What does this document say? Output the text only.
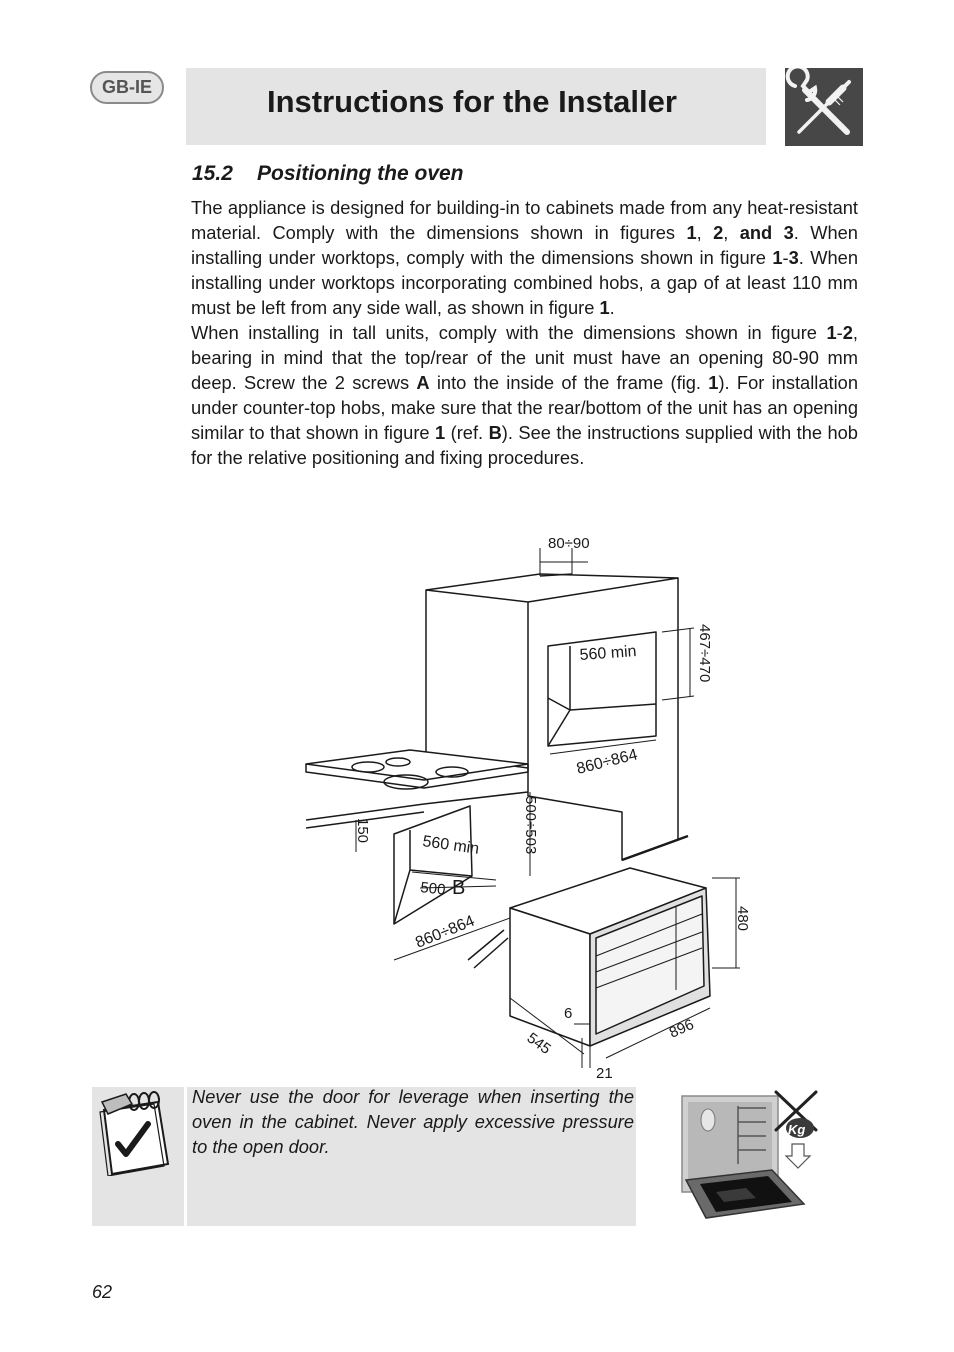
GB-IE	Instructions for the Installer
15.2 Positioning the oven

The appliance is designed for building-in to cabinets made from any heat-resistant material. Comply with the dimensions shown in figures 1, 2, and 3. When installing under worktops, comply with the dimensions shown in figure 1-3. When installing under worktops incorporating combined hobs, a gap of at least 110 mm must be left from any side wall, as shown in figure 1.

When installing in tall units, comply with the dimensions shown in figure 1-2, bearing in mind that the top/rear of the unit must have an opening 80-90 mm deep. Screw the 2 screws A into the inside of the frame (fig. 1). For installation under counter-top hobs, make sure that the rear/bottom of the unit has an opening similar to that shown in figure 1 (ref. B). See the instructions supplied with the hob for the relative positioning and fixing procedures.

80÷90
560 min	467÷470
860÷864
150
560 min	500÷503
500 B
860÷864	480
6
545
896
21
Never use the door for leverage when inserting the oven in the cabinet. Never apply excessive pressure to the open door.
Kg
62
